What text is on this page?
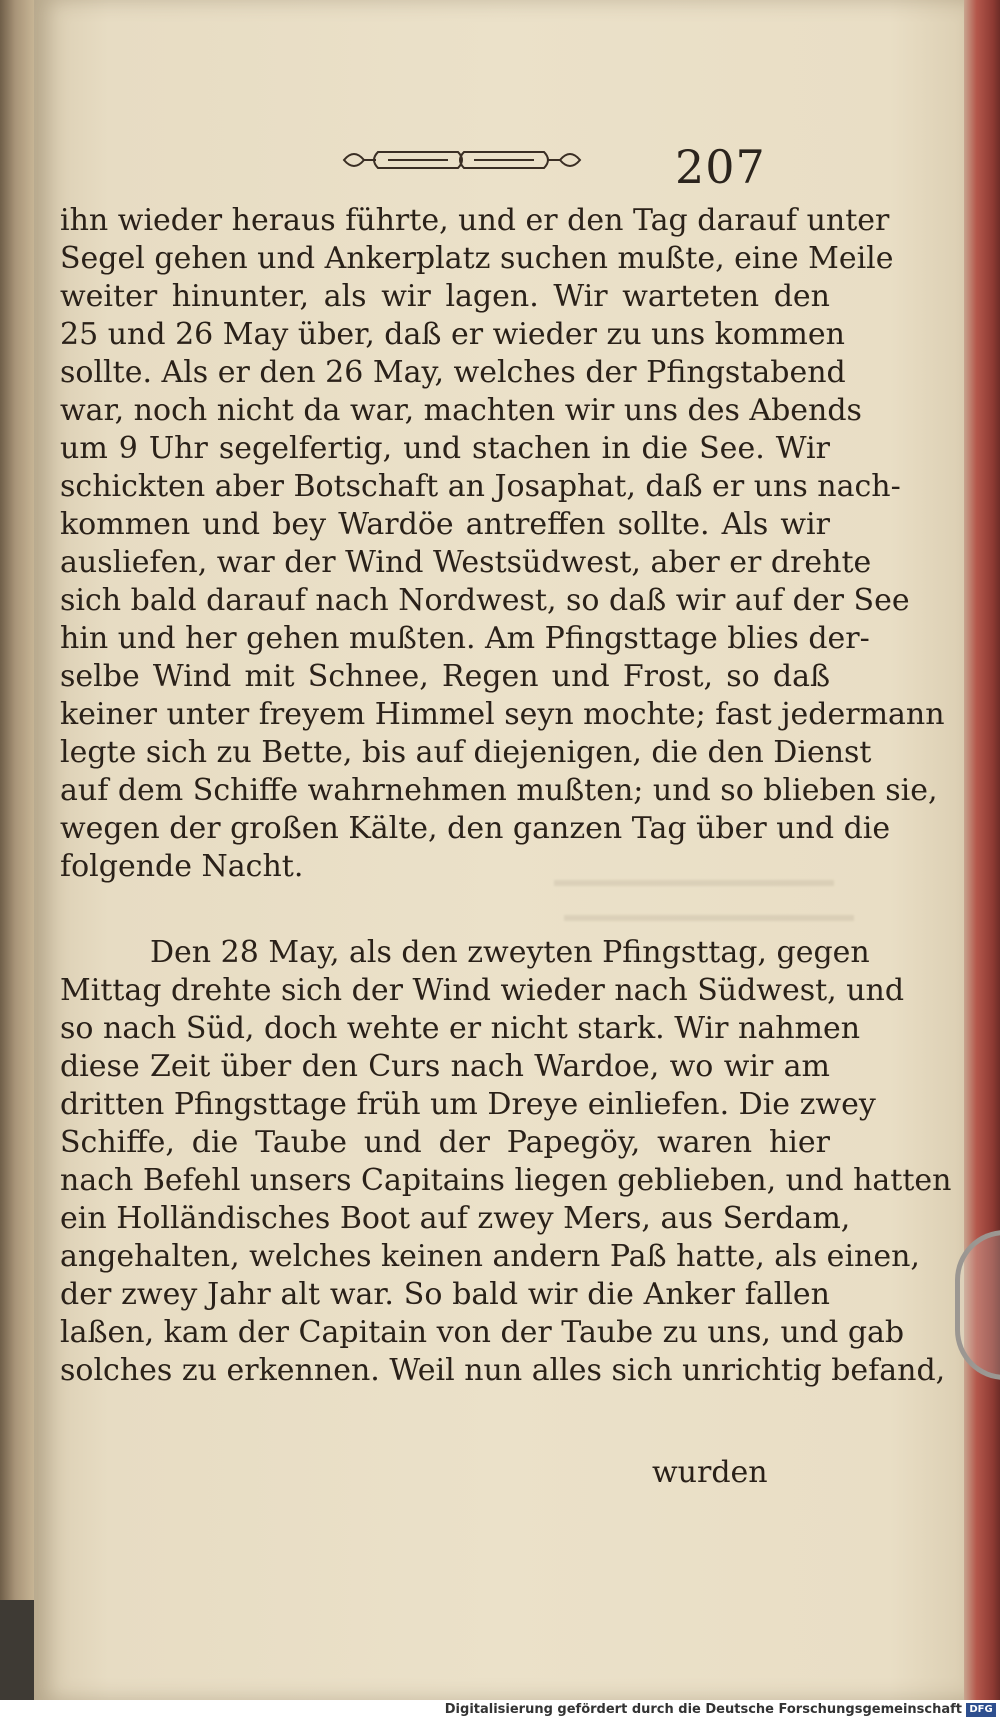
207
ihn wieder heraus führte, und er den Tag darauf unter
Segel gehen und Ankerplatz suchen mußte, eine Meile
weiter hinunter, als wir lagen. Wir warteten den
25 und 26 May über, daß er wieder zu uns kommen
sollte. Als er den 26 May, welches der Pfingstabend
war, noch nicht da war, machten wir uns des Abends
um 9 Uhr segelfertig, und stachen in die See. Wir
schickten aber Botschaft an Josaphat, daß er uns nach-
kommen und bey Wardöe antreffen sollte. Als wir
ausliefen, war der Wind Westsüdwest, aber er drehte
sich bald darauf nach Nordwest, so daß wir auf der See
hin und her gehen mußten. Am Pfingsttage blies der-
selbe Wind mit Schnee, Regen und Frost, so daß
keiner unter freyem Himmel seyn mochte; fast jedermann
legte sich zu Bette, bis auf diejenigen, die den Dienst
auf dem Schiffe wahrnehmen mußten; und so blieben sie,
wegen der großen Kälte, den ganzen Tag über und die
folgende Nacht.
Den 28 May, als den zweyten Pfingsttag, gegen
Mittag drehte sich der Wind wieder nach Südwest, und
so nach Süd, doch wehte er nicht stark. Wir nahmen
diese Zeit über den Curs nach Wardoe, wo wir am
dritten Pfingsttage früh um Dreye einliefen. Die zwey
Schiffe, die Taube und der Papegöy, waren hier
nach Befehl unsers Capitains liegen geblieben, und hatten
ein Holländisches Boot auf zwey Mers, aus Serdam,
angehalten, welches keinen andern Paß hatte, als einen,
der zwey Jahr alt war. So bald wir die Anker fallen
laßen, kam der Capitain von der Taube zu uns, und gab
solches zu erkennen. Weil nun alles sich unrichtig befand,
wurden
Digitalisierung gefördert durch die Deutsche Forschungsgemeinschaft DFG
